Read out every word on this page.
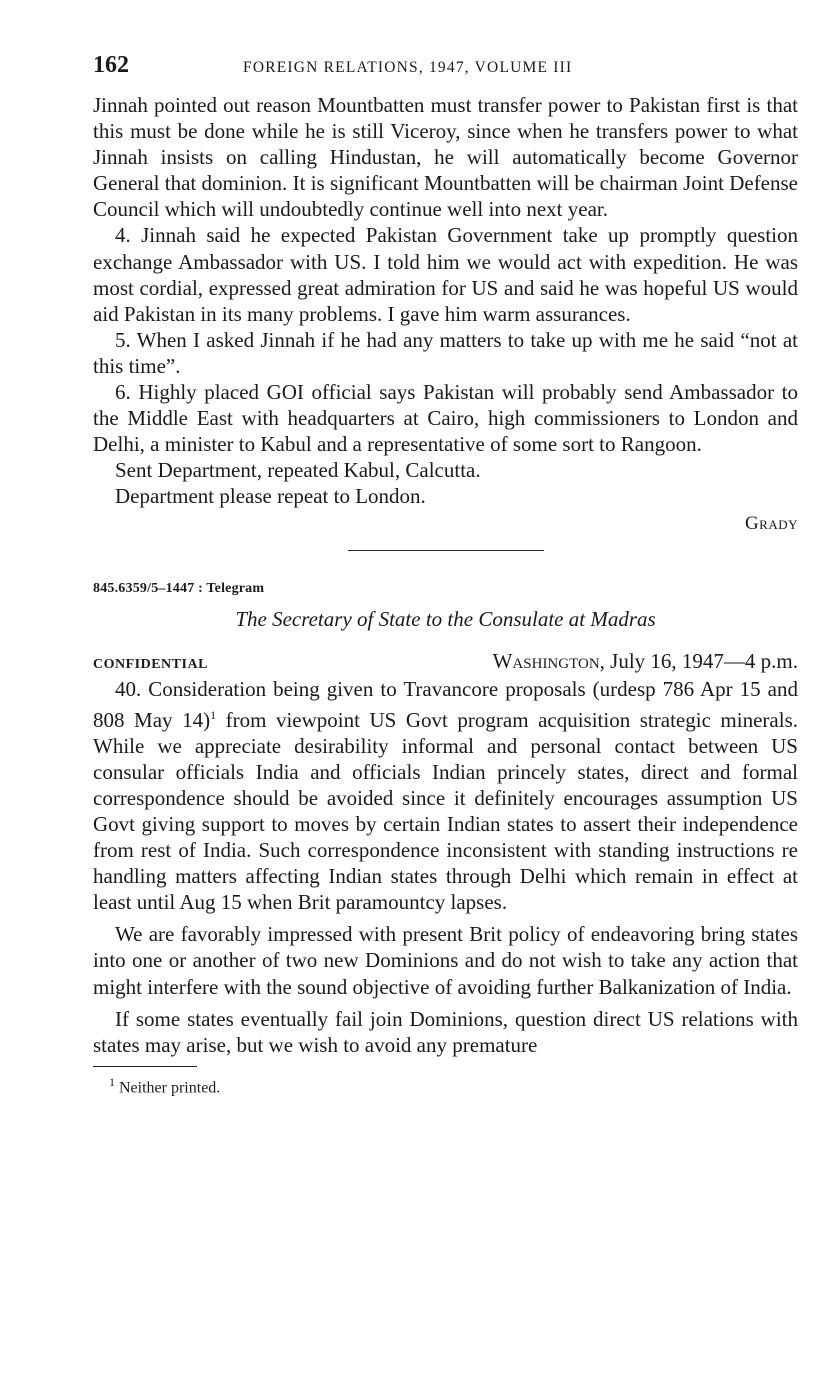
162	FOREIGN RELATIONS, 1947, VOLUME III

Jinnah pointed out reason Mountbatten must transfer power to Pakistan first is that this must be done while he is still Viceroy, since when he transfers power to what Jinnah insists on calling Hindustan, he will automatically become Governor General that dominion. It is significant Mountbatten will be chairman Joint Defense Council which will undoubtedly continue well into next year.

4. Jinnah said he expected Pakistan Government take up promptly question exchange Ambassador with US. I told him we would act with expedition. He was most cordial, expressed great admiration for US and said he was hopeful US would aid Pakistan in its many problems. I gave him warm assurances.

5. When I asked Jinnah if he had any matters to take up with me he said “not at this time”.

6. Highly placed GOI official says Pakistan will probably send Ambassador to the Middle East with headquarters at Cairo, high commissioners to London and Delhi, a minister to Kabul and a representative of some sort to Rangoon.

Sent Department, repeated Kabul, Calcutta.

Department please repeat to London.

Grady
845.6359/5–1447 : Telegram
The Secretary of State to the Consulate at Madras
CONFIDENTIAL	Washington, July 16, 1947—4 p.m.

40. Consideration being given to Travancore proposals (urdesp 786 Apr 15 and 808 May 14)$^1$ from viewpoint US Govt program acquisition strategic minerals. While we appreciate desirability informal and personal contact between US consular officials India and officials Indian princely states, direct and formal correspondence should be avoided since it definitely encourages assumption US Govt giving support to moves by certain Indian states to assert their independence from rest of India. Such correspondence inconsistent with standing instructions re handling matters affecting Indian states through Delhi which remain in effect at least until Aug 15 when Brit paramountcy lapses.

We are favorably impressed with present Brit policy of endeavoring bring states into one or another of two new Dominions and do not wish to take any action that might interfere with the sound objective of avoiding further Balkanization of India.

If some states eventually fail join Dominions, question direct US relations with states may arise, but we wish to avoid any premature

$^1$ Neither printed.
